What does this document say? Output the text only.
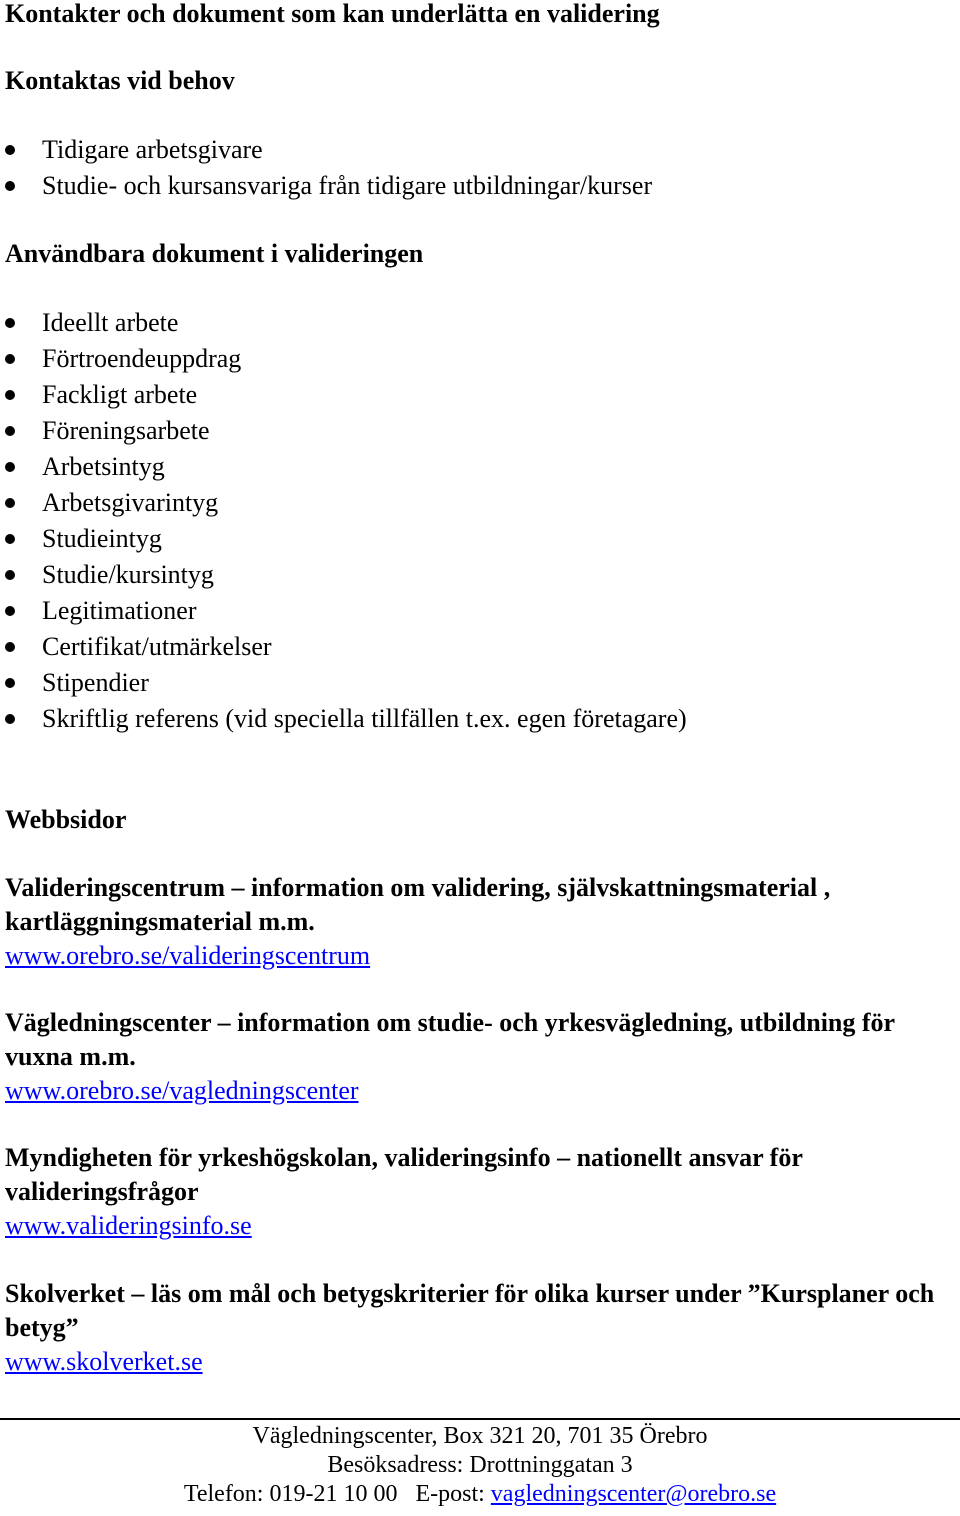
Kontakter och dokument som kan underlätta en validering
Kontaktas vid behov
Tidigare arbetsgivare
Studie- och kursansvariga från tidigare utbildningar/kurser
Användbara dokument i valideringen
Ideellt arbete
Förtroendeuppdrag
Fackligt arbete
Föreningsarbete
Arbetsintyg
Arbetsgivarintyg
Studieintyg
Studie/kursintyg
Legitimationer
Certifikat/utmärkelser
Stipendier
Skriftlig referens (vid speciella tillfällen t.ex. egen företagare)
Webbsidor

Valideringscentrum – information om validering, självskattningsmaterial , kartläggningsmaterial m.m.

www.orebro.se/valideringscentrum

Vägledningscenter – information om studie- och yrkesvägledning, utbildning för vuxna m.m.

www.orebro.se/vagledningscenter

Myndigheten för yrkeshögskolan, valideringsinfo – nationellt ansvar för valideringsfrågor

www.valideringsinfo.se

Skolverket – läs om mål och betygskriterier för olika kurser under ”Kursplaner och betyg”

www.skolverket.se
Vägledningscenter, Box 321 20, 701 35 Örebro
Besöksadress: Drottninggatan 3
Telefon: 019-21 10 00 E-post: vagledningscenter@orebro.se
